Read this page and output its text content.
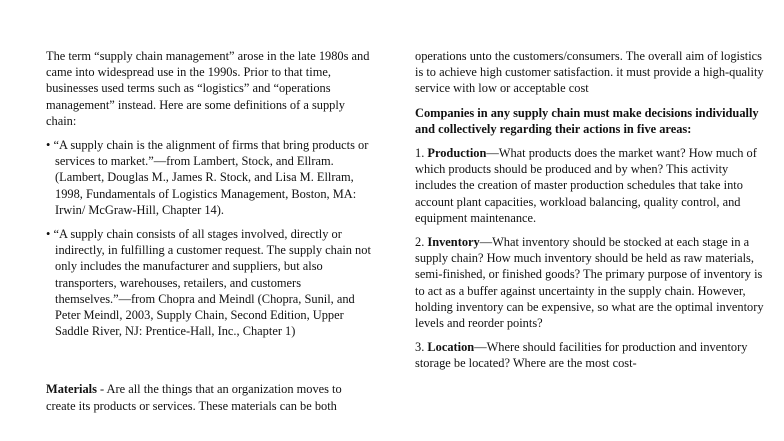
The term “supply chain management” arose in the late 1980s and came into widespread use in the 1990s. Prior to that time, businesses used terms such as “logistics” and “operations management” instead. Here are some definitions of a supply chain:

• “A supply chain is the alignment of firms that bring products or services to market.”—from Lambert, Stock, and Ellram. (Lambert, Douglas M., James R. Stock, and Lisa M. Ellram, 1998, Fundamentals of Logistics Management, Boston, MA: Irwin/ McGraw-Hill, Chapter 14).

• “A supply chain consists of all stages involved, directly or indirectly, in fulfilling a customer request. The supply chain not only includes the manufacturer and suppliers, but also transporters, warehouses, retailers, and customers themselves.”—from Chopra and Meindl (Chopra, Sunil, and Peter Meindl, 2003, Supply Chain, Second Edition, Upper Saddle River, NJ: Prentice-Hall, Inc., Chapter 1)

Materials - Are all the things that an organization moves to create its products or services. These materials can be both

operations unto the customers/consumers. The overall aim of logistics is to achieve high customer satisfaction. it must provide a high-quality service with low or acceptable cost

Companies in any supply chain must make decisions individually and collectively regarding their actions in five areas:

1. Production—What products does the market want? How much of which products should be produced and by when? This activity includes the creation of master production schedules that take into account plant capacities, workload balancing, quality control, and equipment maintenance.

2. Inventory—What inventory should be stocked at each stage in a supply chain? How much inventory should be held as raw materials, semi-finished, or finished goods? The primary purpose of inventory is to act as a buffer against uncertainty in the supply chain. However, holding inventory can be expensive, so what are the optimal inventory levels and reorder points?

3. Location—Where should facilities for production and inventory storage be located? Where are the most cost-
